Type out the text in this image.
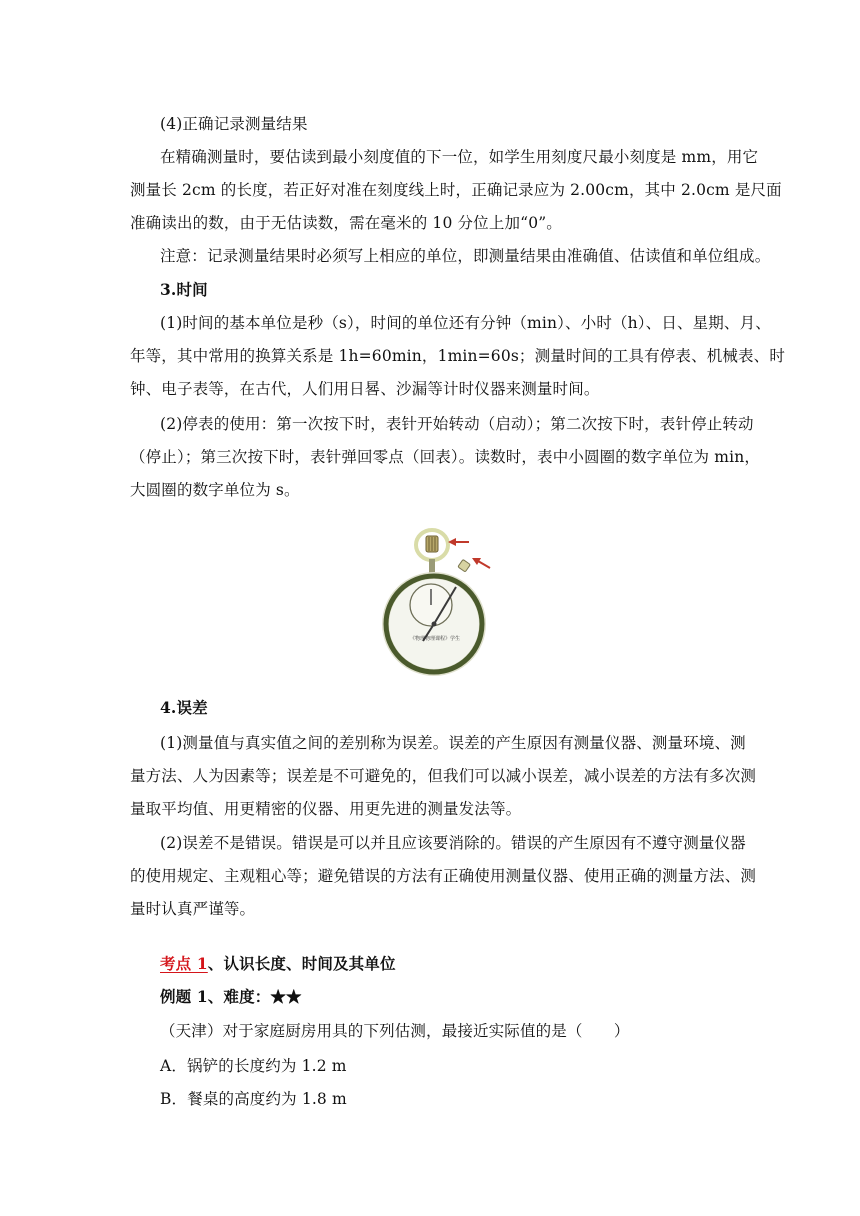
(4)正确记录测量结果
在精确测量时，要估读到最小刻度值的下一位，如学生用刻度尺最小刻度是 mm，用它
测量长 2cm 的长度，若正好对准在刻度线上时，正确记录应为 2.00cm，其中 2.0cm 是尺面
准确读出的数，由于无估读数，需在毫米的 10 分位上加“0”。
注意：记录测量结果时必须写上相应的单位，即测量结果由准确值、估读值和单位组成。
3.时间
(1)时间的基本单位是秒（s），时间的单位还有分钟（min）、小时（h）、日、星期、月、
年等，其中常用的换算关系是 1h=60min，1min=60s；测量时间的工具有停表、机械表、时
钟、电子表等，在古代，人们用日晷、沙漏等计时仪器来测量时间。
(2)停表的使用：第一次按下时，表针开始转动（启动）；第二次按下时，表针停止转动
（停止）；第三次按下时，表针弹回零点（回表）。读数时，表中小圆圈的数字单位为 min，
大圆圈的数字单位为 s。
《物理物理课程》学生
4.误差
(1)测量值与真实值之间的差别称为误差。误差的产生原因有测量仪器、测量环境、测
量方法、人为因素等；误差是不可避免的，但我们可以减小误差，减小误差的方法有多次测
量取平均值、用更精密的仪器、用更先进的测量发法等。
(2)误差不是错误。错误是可以并且应该要消除的。错误的产生原因有不遵守测量仪器
的使用规定、主观粗心等；避免错误的方法有正确使用测量仪器、使用正确的测量方法、测
量时认真严谨等。
考点 1、认识长度、时间及其单位
例题 1、难度：★★
（天津）对于家庭厨房用具的下列估测，最接近实际值的是（　　）
A．锅铲的长度约为 1.2 m
B．餐桌的高度约为 1.8 m
